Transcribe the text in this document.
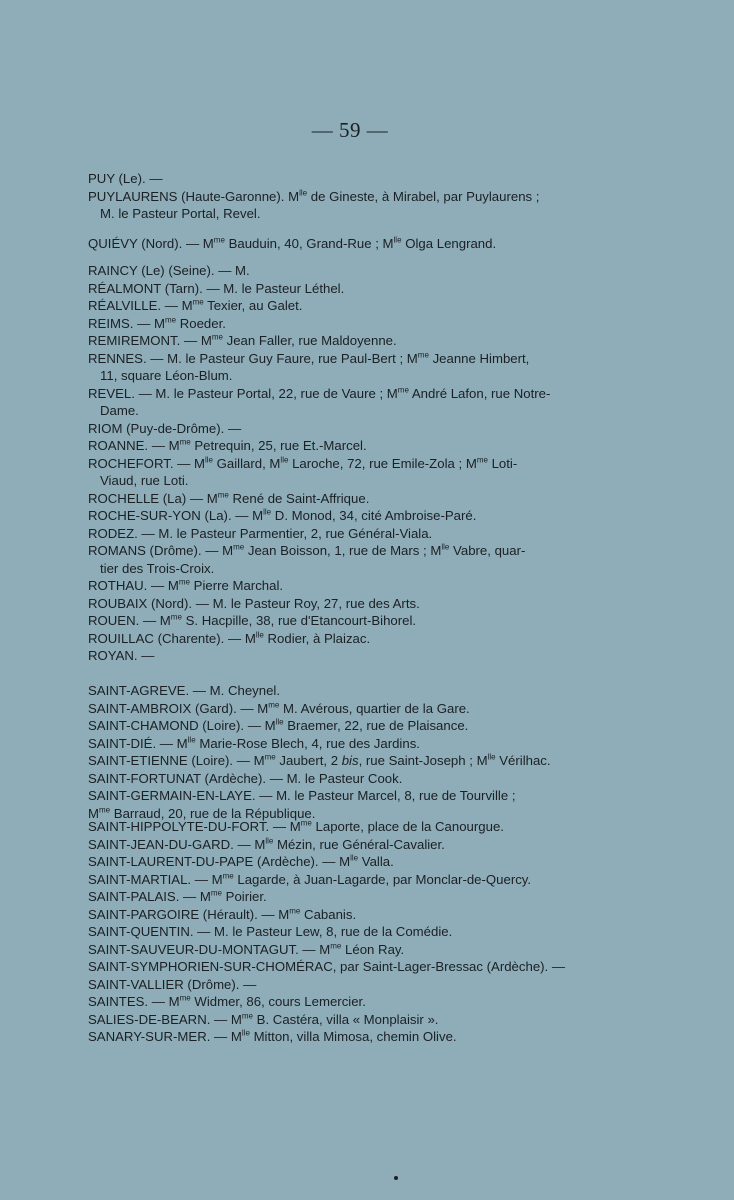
— 59 —
PUY (Le). —
PUYLAURENS (Haute-Garonne). $M^{lle}$ de Gineste, à Mirabel, par Puylaurens ;
M. le Pasteur Portal, Revel.
QUIÉVY (Nord). — $M^{me}$ Bauduin, 40, Grand-Rue ; $M^{lle}$ Olga Lengrand.
RAINCY (Le) (Seine). — M.
RÉALMONT (Tarn). — M. le Pasteur Léthel.
RÉALVILLE. — $M^{me}$ Texier, au Galet.
REIMS. — $M^{me}$ Roeder.
REMIREMONT. — $M^{me}$ Jean Faller, rue Maldoyenne.
RENNES. — M. le Pasteur Guy Faure, rue Paul-Bert ; $M^{me}$ Jeanne Himbert,
11, square Léon-Blum.
REVEL. — M. le Pasteur Portal, 22, rue de Vaure ; $M^{me}$ André Lafon, rue Notre-
Dame.
RIOM (Puy-de-Drôme). —
ROANNE. — $M^{me}$ Petrequin, 25, rue Et.-Marcel.
ROCHEFORT. — $M^{lle}$ Gaillard, $M^{lle}$ Laroche, 72, rue Emile-Zola ; $M^{me}$ Loti-
Viaud, rue Loti.
ROCHELLE (La) — $M^{me}$ René de Saint-Affrique.
ROCHE-SUR-YON (La). — $M^{lle}$ D. Monod, 34, cité Ambroise-Paré.
RODEZ. — M. le Pasteur Parmentier, 2, rue Général-Viala.
ROMANS (Drôme). — $M^{me}$ Jean Boisson, 1, rue de Mars ; $M^{lle}$ Vabre, quar-
tier des Trois-Croix.
ROTHAU. — $M^{me}$ Pierre Marchal.
ROUBAIX (Nord). — M. le Pasteur Roy, 27, rue des Arts.
ROUEN. — $M^{me}$ S. Hacpille, 38, rue d'Etancourt-Bihorel.
ROUILLAC (Charente). — $M^{lle}$ Rodier, à Plaizac.
ROYAN. —
SAINT-AGREVE. — M. Cheynel.
SAINT-AMBROIX (Gard). — $M^{me}$ M. Avérous, quartier de la Gare.
SAINT-CHAMOND (Loire). — $M^{lle}$ Braemer, 22, rue de Plaisance.
SAINT-DIÉ. — $M^{lle}$ Marie-Rose Blech, 4, rue des Jardins.
SAINT-ETIENNE (Loire). — $M^{me}$ Jaubert, 2 bis, rue Saint-Joseph ; $M^{lle}$ Vérilhac.
SAINT-FORTUNAT (Ardèche). — M. le Pasteur Cook.
SAINT-GERMAIN-EN-LAYE. — M. le Pasteur Marcel, 8, rue de Tourville ;
$M^{me}$ Barraud, 20, rue de la République.
SAINT-HIPPOLYTE-DU-FORT. — $M^{me}$ Laporte, place de la Canourgue.
SAINT-JEAN-DU-GARD. — $M^{lle}$ Mézin, rue Général-Cavalier.
SAINT-LAURENT-DU-PAPE (Ardèche). — $M^{lle}$ Valla.
SAINT-MARTIAL. — $M^{me}$ Lagarde, à Juan-Lagarde, par Monclar-de-Quercy.
SAINT-PALAIS. — $M^{me}$ Poirier.
SAINT-PARGOIRE (Hérault). — $M^{me}$ Cabanis.
SAINT-QUENTIN. — M. le Pasteur Lew, 8, rue de la Comédie.
SAINT-SAUVEUR-DU-MONTAGUT. — $M^{me}$ Léon Ray.
SAINT-SYMPHORIEN-SUR-CHOMÉRAC, par Saint-Lager-Bressac (Ardèche). —
SAINT-VALLIER (Drôme). —
SAINTES. — $M^{me}$ Widmer, 86, cours Lemercier.
SALIES-DE-BEARN. — $M^{me}$ B. Castéra, villa « Monplaisir ».
SANARY-SUR-MER. — $M^{lle}$ Mitton, villa Mimosa, chemin Olive.
